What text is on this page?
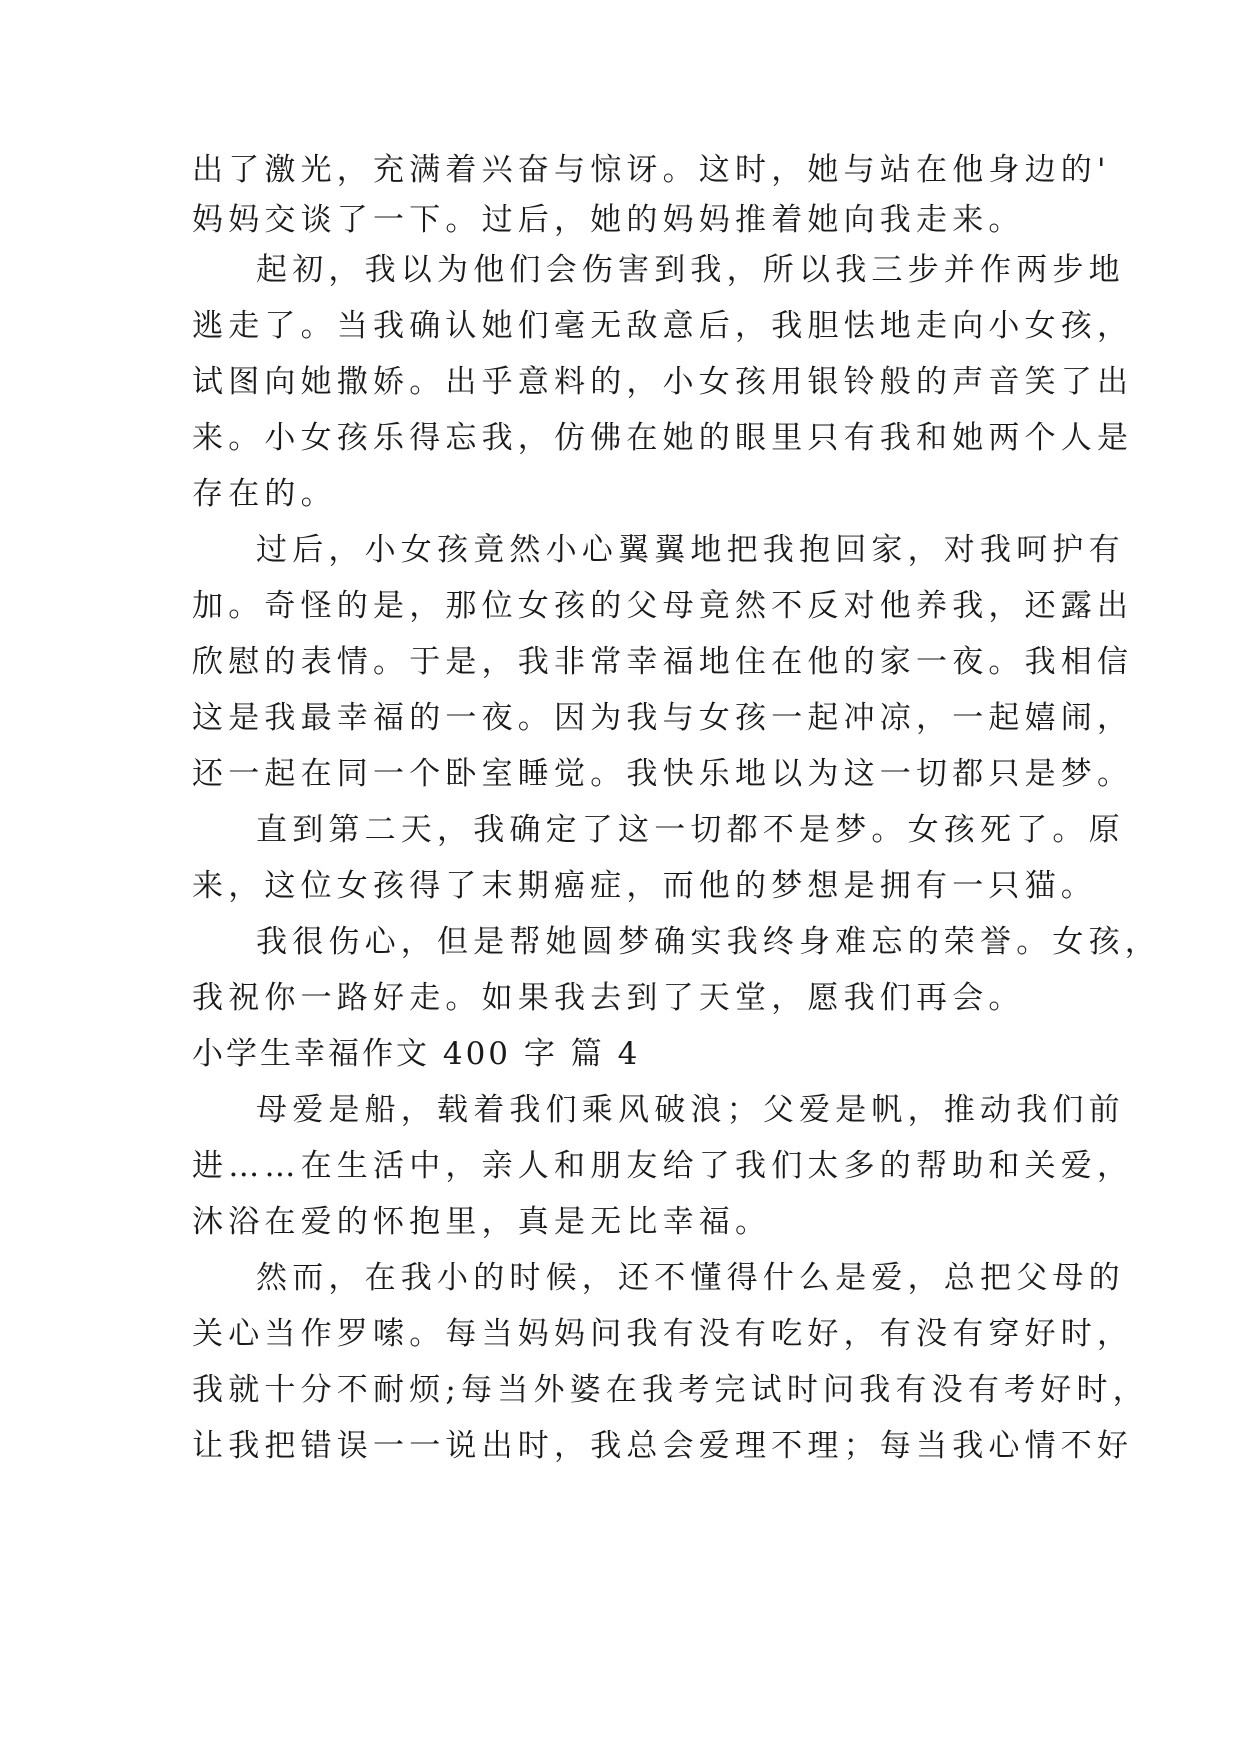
出了激光，充满着兴奋与惊讶。这时，她与站在他身边的'
妈妈交谈了一下。过后，她的妈妈推着她向我走来。
起初，我以为他们会伤害到我，所以我三步并作两步地
逃走了。当我确认她们毫无敌意后，我胆怯地走向小女孩，
试图向她撒娇。出乎意料的，小女孩用银铃般的声音笑了出
来。小女孩乐得忘我，仿佛在她的眼里只有我和她两个人是
存在的。
过后，小女孩竟然小心翼翼地把我抱回家，对我呵护有
加。奇怪的是，那位女孩的父母竟然不反对他养我，还露出
欣慰的表情。于是，我非常幸福地住在他的家一夜。我相信
这是我最幸福的一夜。因为我与女孩一起冲凉，一起嬉闹，
还一起在同一个卧室睡觉。我快乐地以为这一切都只是梦。
直到第二天，我确定了这一切都不是梦。女孩死了。原
来，这位女孩得了末期癌症，而他的梦想是拥有一只猫。
我很伤心，但是帮她圆梦确实我终身难忘的荣誉。女孩，
我祝你一路好走。如果我去到了天堂，愿我们再会。
小学生幸福作文 400 字 篇 4
母爱是船，载着我们乘风破浪；父爱是帆，推动我们前
进……在生活中，亲人和朋友给了我们太多的帮助和关爱，
沐浴在爱的怀抱里，真是无比幸福。
然而，在我小的时候，还不懂得什么是爱，总把父母的
关心当作罗嗦。每当妈妈问我有没有吃好，有没有穿好时，
我就十分不耐烦;每当外婆在我考完试时问我有没有考好时，
让我把错误一一说出时，我总会爱理不理；每当我心情不好
